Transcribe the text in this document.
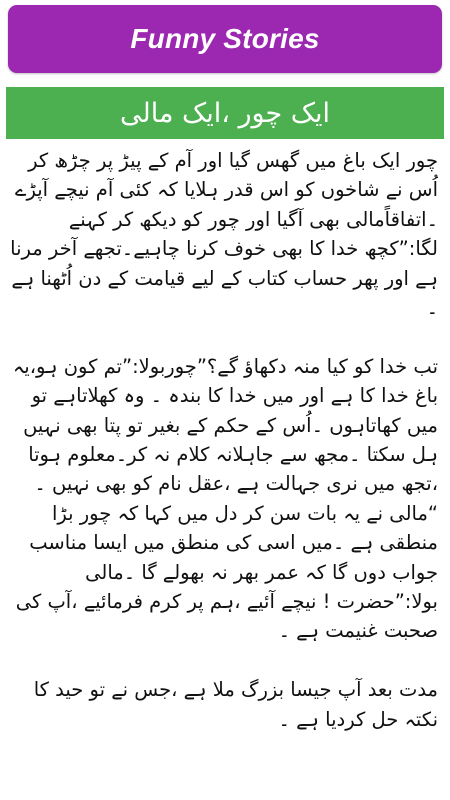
Funny Stories
ایک چور ،ایک مالی

چور ایک باغ میں گھس گیا اور آم کے پیڑ پر چڑھ کر اُس نے شاخوں کو اس قدر ہلایا کہ کئی آم نیچے آپڑے ۔اتفاقاًمالی بھی آگیا اور چور کو دیکھ کر کہنے لگا:”کچھ خدا کا بھی خوف کرنا چاہیے۔تجھے آخر مرنا ہے اور پھر حساب کتاب کے لیے قیامت کے دن اُٹھنا ہے ۔

تب خدا کو کیا منہ دکھاؤ گے؟”چوربولا:”تم کون ہو،یہ باغ خدا کا ہے اور میں خدا کا بندہ ۔ وہ کھلاتاہے تو میں کھاتاہوں ۔اُس کے حکم کے بغیر تو پتا بھی نہیں ہل سکتا ۔مجھ سے جاہلانہ کلام نہ کر۔معلوم ہوتا ،تجھ میں نری جہالت ہے ،عقل نام کو بھی نہیں ۔

“مالی نے یہ بات سن کر دل میں کہا کہ چور بڑا منطقی ہے ۔میں اسی کی منطق میں ایسا مناسب جواب دوں گا کہ عمر بھر نہ بھولے گا ۔مالی بولا:”حضرت ! نیچے آئیے ،ہم پر کرم فرمائیے ،آپ کی صحبت غنیمت ہے ۔

مدت بعد آپ جیسا بزرگ ملا ہے ،جس نے تو حید کا نکتہ حل کردیا ہے ۔
